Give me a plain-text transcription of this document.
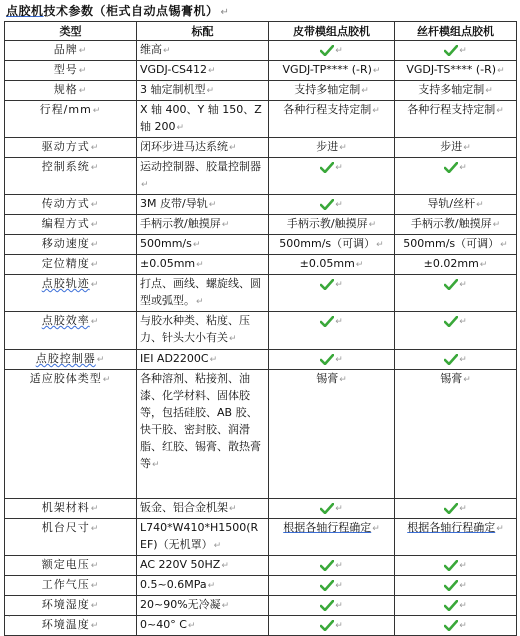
点胶机技术参数（柜式自动点锡膏机） ↵
类型	标配	皮带模组点胶机	丝杆模组点胶机
品牌↵	维高↵	↵	↵
型号↵	VGDJ-CS412↵	VGDJ-TP**** (-R)↵	VGDJ-TS**** (-R)↵
规格↵	3 轴定制机型↵	支持多轴定制↵	支持多轴定制↵
行程/mm↵	X 轴 400、Y 轴 150、Z 轴 200↵	各种行程支持定制↵	各种行程支持定制↵
驱动方式↵	闭环步进马达系统↵	步进↵	步进↵
控制系统↵	运动控制器、胶量控制器↵	↵	↵
传动方式↵	3M 皮带/导轨↵	↵	导轨/丝杆↵
编程方式↵	手柄示教/触摸屏↵	手柄示教/触摸屏↵	手柄示教/触摸屏↵
移动速度↵	500mm/s↵	500mm/s（可调）↵	500mm/s（可调）↵
定位精度↵	±0.05mm↵	±0.05mm↵	±0.02mm↵
点胶轨迹↵	打点、画线、螺旋线、圆型或弧型。↵	↵	↵
点胶效率↵	与胶水种类、粘度、压力、针头大小有关↵	↵	↵
点胶控制器↵	IEI AD2200C↵	↵	↵
适应胶体类型↵	各种溶剂、粘接剂、油漆、化学材料、固体胶等，包括硅胶、AB 胶、快干胶、密封胶、润滑脂、红胶、锡膏、散热膏等↵	锡膏↵	锡膏↵
机架材料↵	钣金、铝合金机架↵	↵	↵
机台尺寸↵	L740*W410*H1500(REF)（无机罩）↵	根据各轴行程确定↵	根据各轴行程确定↵
额定电压↵	AC 220V 50HZ↵	↵	↵
工作气压↵	0.5~0.6MPa↵	↵	↵
环境湿度↵	20~90%无冷凝↵	↵	↵
环境温度↵	0~40° C↵	↵	↵
·
